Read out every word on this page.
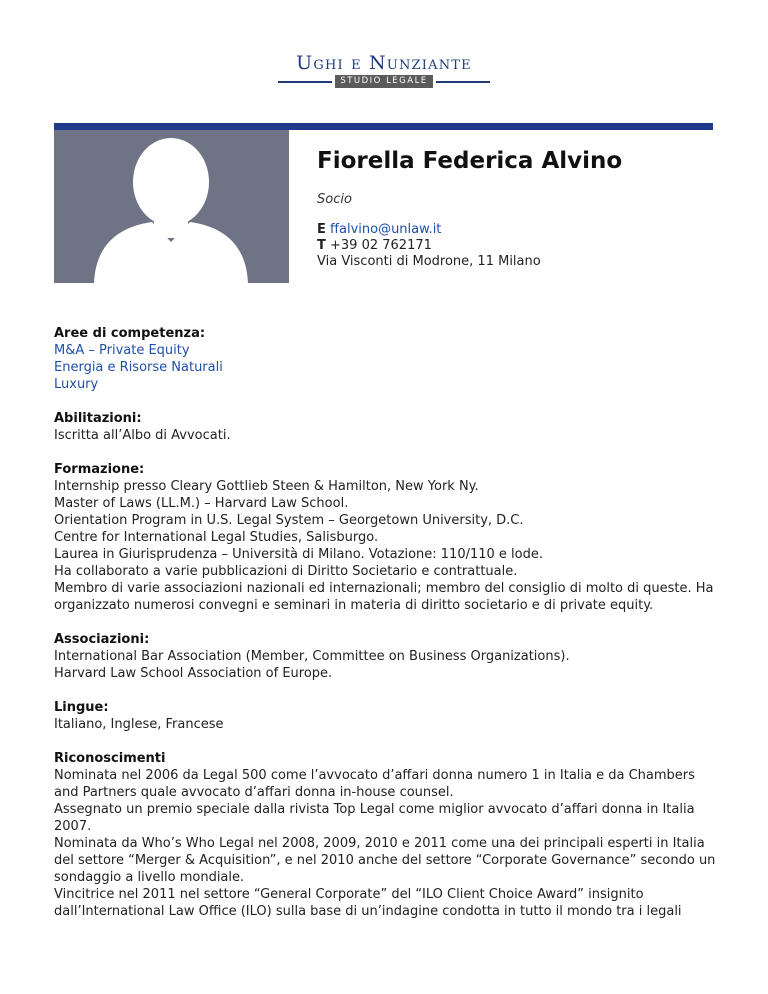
Ughi e Nunziante
STUDIO LEGALE
Fiorella Federica Alvino
Socio
E ffalvino@unlaw.it
T +39 02 762171
Via Visconti di Modrone, 11 Milano
Aree di competenza:

M&A – Private Equity

Energia e Risorse Naturali

Luxury

Abilitazioni:

Iscritta all’Albo di Avvocati.

Formazione:

Internship presso Cleary Gottlieb Steen & Hamilton, New York Ny.

Master of Laws (LL.M.) – Harvard Law School.

Orientation Program in U.S. Legal System – Georgetown University, D.C.

Centre for International Legal Studies, Salisburgo.

Laurea in Giurisprudenza – Università di Milano. Votazione: 110/110 e lode.

Ha collaborato a varie pubblicazioni di Diritto Societario e contrattuale.

Membro di varie associazioni nazionali ed internazionali; membro del consiglio di molto di queste. Ha organizzato numerosi convegni e seminari in materia di diritto societario e di private equity.

Associazioni:

International Bar Association (Member, Committee on Business Organizations).

Harvard Law School Association of Europe.

Lingue:

Italiano, Inglese, Francese

Riconoscimenti

Nominata nel 2006 da Legal 500 come l’avvocato d’affari donna numero 1 in Italia e da Chambers and Partners quale avvocato d’affari donna in-house counsel.

Assegnato un premio speciale dalla rivista Top Legal come miglior avvocato d’affari donna in Italia 2007.

Nominata da Who’s Who Legal nel 2008, 2009, 2010 e 2011 come una dei principali esperti in Italia del settore “Merger & Acquisition”, e nel 2010 anche del settore “Corporate Governance” secondo un sondaggio a livello mondiale.

Vincitrice nel 2011 nel settore “General Corporate” del “ILO Client Choice Award” insignito dall’International Law Office (ILO) sulla base di un’indagine condotta in tutto il mondo tra i legali
